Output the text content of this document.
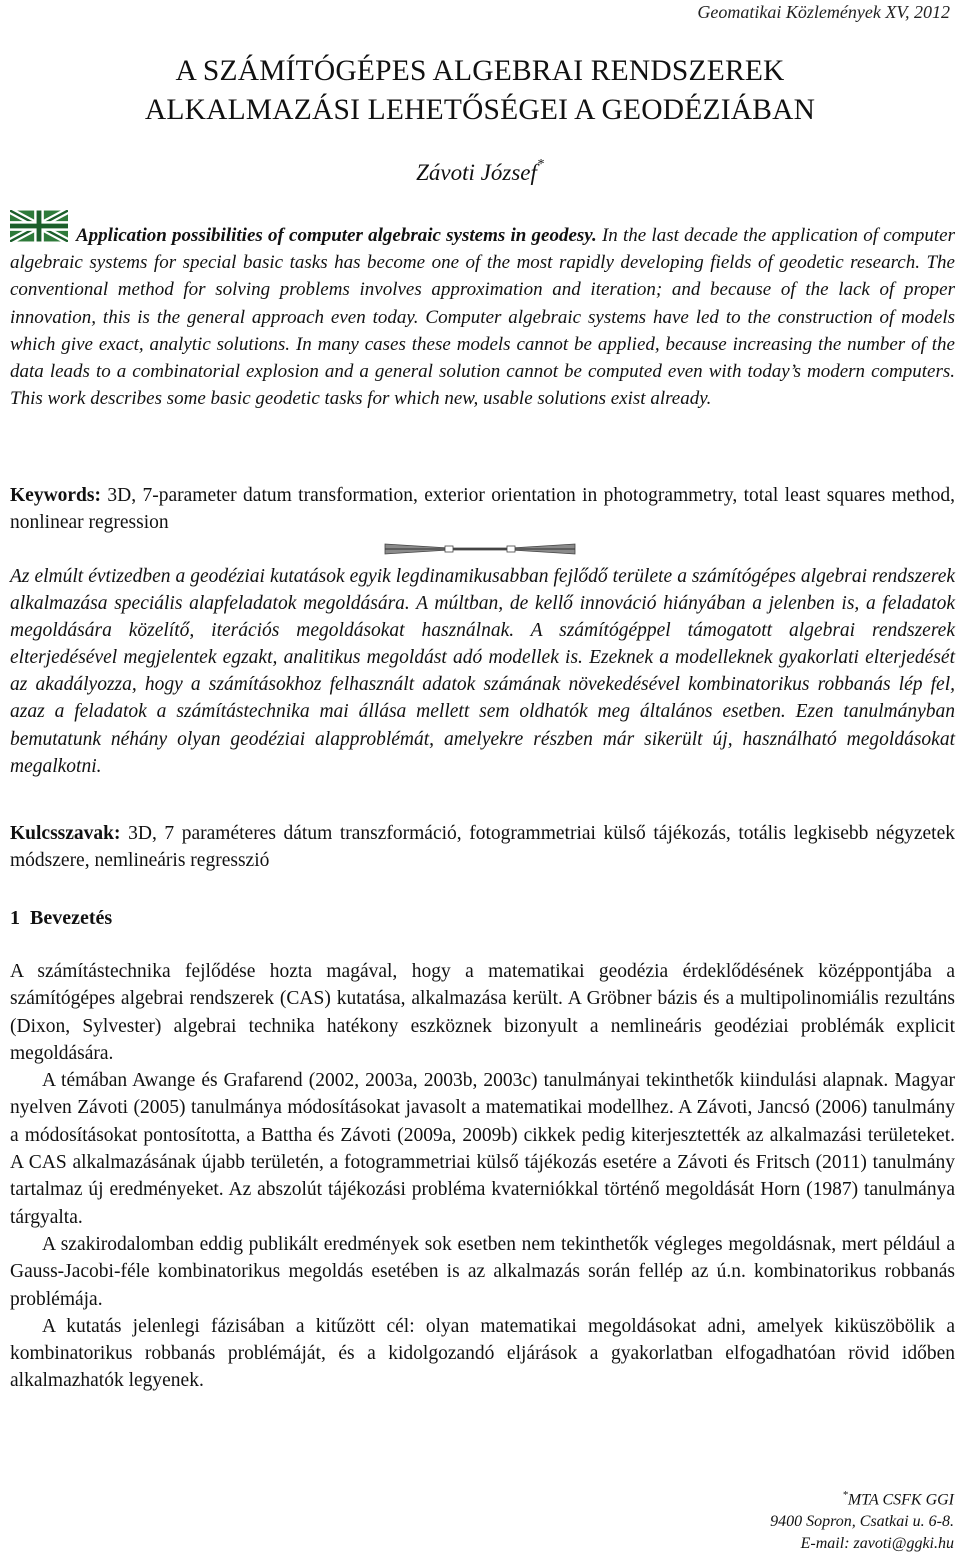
Geomatikai Közlemények XV, 2012
A SZÁMÍTÓGÉPES ALGEBRAI RENDSZEREK
ALKALMAZÁSI LEHETŐSÉGEI A GEODÉZIÁBAN
Závoti József*

Application possibilities of computer algebraic systems in geodesy. In the last decade the application of computer algebraic systems for special basic tasks has become one of the most rapidly developing fields of geodetic research. The conventional method for solving problems involves approximation and iteration; and because of the lack of proper innovation, this is the general approach even today. Computer algebraic systems have led to the construction of models which give exact, analytic solutions. In many cases these models cannot be applied, because increasing the number of the data leads to a combinatorial explosion and a general solution cannot be computed even with today’s modern computers. This work describes some basic geodetic tasks for which new, usable solutions exist already.

Keywords: 3D, 7-parameter datum transformation, exterior orientation in photogrammetry, total least squares method, nonlinear regression

Az elmúlt évtizedben a geodéziai kutatások egyik legdinamikusabban fejlődő területe a számítógépes algebrai rendszerek alkalmazása speciális alapfeladatok megoldására. A múltban, de kellő innováció hiányában a jelenben is, a feladatok megoldására közelítő, iterációs megoldásokat használnak. A számítógéppel támogatott algebrai rendszerek elterjedésével megjelentek egzakt, analitikus megoldást adó modellek is. Ezeknek a modelleknek gyakorlati elterjedését az akadályozza, hogy a számításokhoz felhasznált adatok számának növekedésével kombinatorikus robbanás lép fel, azaz a feladatok a számítástechnika mai állása mellett sem oldhatók meg általános esetben. Ezen tanulmányban bemutatunk néhány olyan geodéziai alapproblémát, amelyekre részben már sikerült új, használható megoldásokat megalkotni.

Kulcsszavak: 3D, 7 paraméteres dátum transzformáció, fotogrammetriai külső tájékozás, totális legkisebb négyzetek módszere, nemlineáris regresszió

1 Bevezetés

A számítástechnika fejlődése hozta magával, hogy a matematikai geodézia érdeklődésének középpontjába a számítógépes algebrai rendszerek (CAS) kutatása, alkalmazása került. A Gröbner bázis és a multipolinomiális rezultáns (Dixon, Sylvester) algebrai technika hatékony eszköznek bizonyult a nemlineáris geodéziai problémák explicit megoldására.

A témában Awange és Grafarend (2002, 2003a, 2003b, 2003c) tanulmányai tekinthetők kiindulási alapnak. Magyar nyelven Závoti (2005) tanulmánya módosításokat javasolt a matematikai modellhez. A Závoti, Jancsó (2006) tanulmány a módosításokat pontosította, a Battha és Závoti (2009a, 2009b) cikkek pedig kiterjesztették az alkalmazási területeket. A CAS alkalmazásának újabb területén, a fotogrammetriai külső tájékozás esetére a Závoti és Fritsch (2011) tanulmány tartalmaz új eredményeket. Az abszolút tájékozási probléma kvaterniókkal történő megoldását Horn (1987) tanulmánya tárgyalta.

A szakirodalomban eddig publikált eredmények sok esetben nem tekinthetők végleges megoldásnak, mert például a Gauss-Jacobi-féle kombinatorikus megoldás esetében is az alkalmazás során fellép az ú.n. kombinatorikus robbanás problémája.

A kutatás jelenlegi fázisában a kitűzött cél: olyan matematikai megoldásokat adni, amelyek kiküszöbölik a kombinatorikus robbanás problémáját, és a kidolgozandó eljárások a gyakorlatban elfogadhatóan rövid időben alkalmazhatók legyenek.

*MTA CSFK GGI
9400 Sopron, Csatkai u. 6-8.
E-mail: zavoti@ggki.hu
